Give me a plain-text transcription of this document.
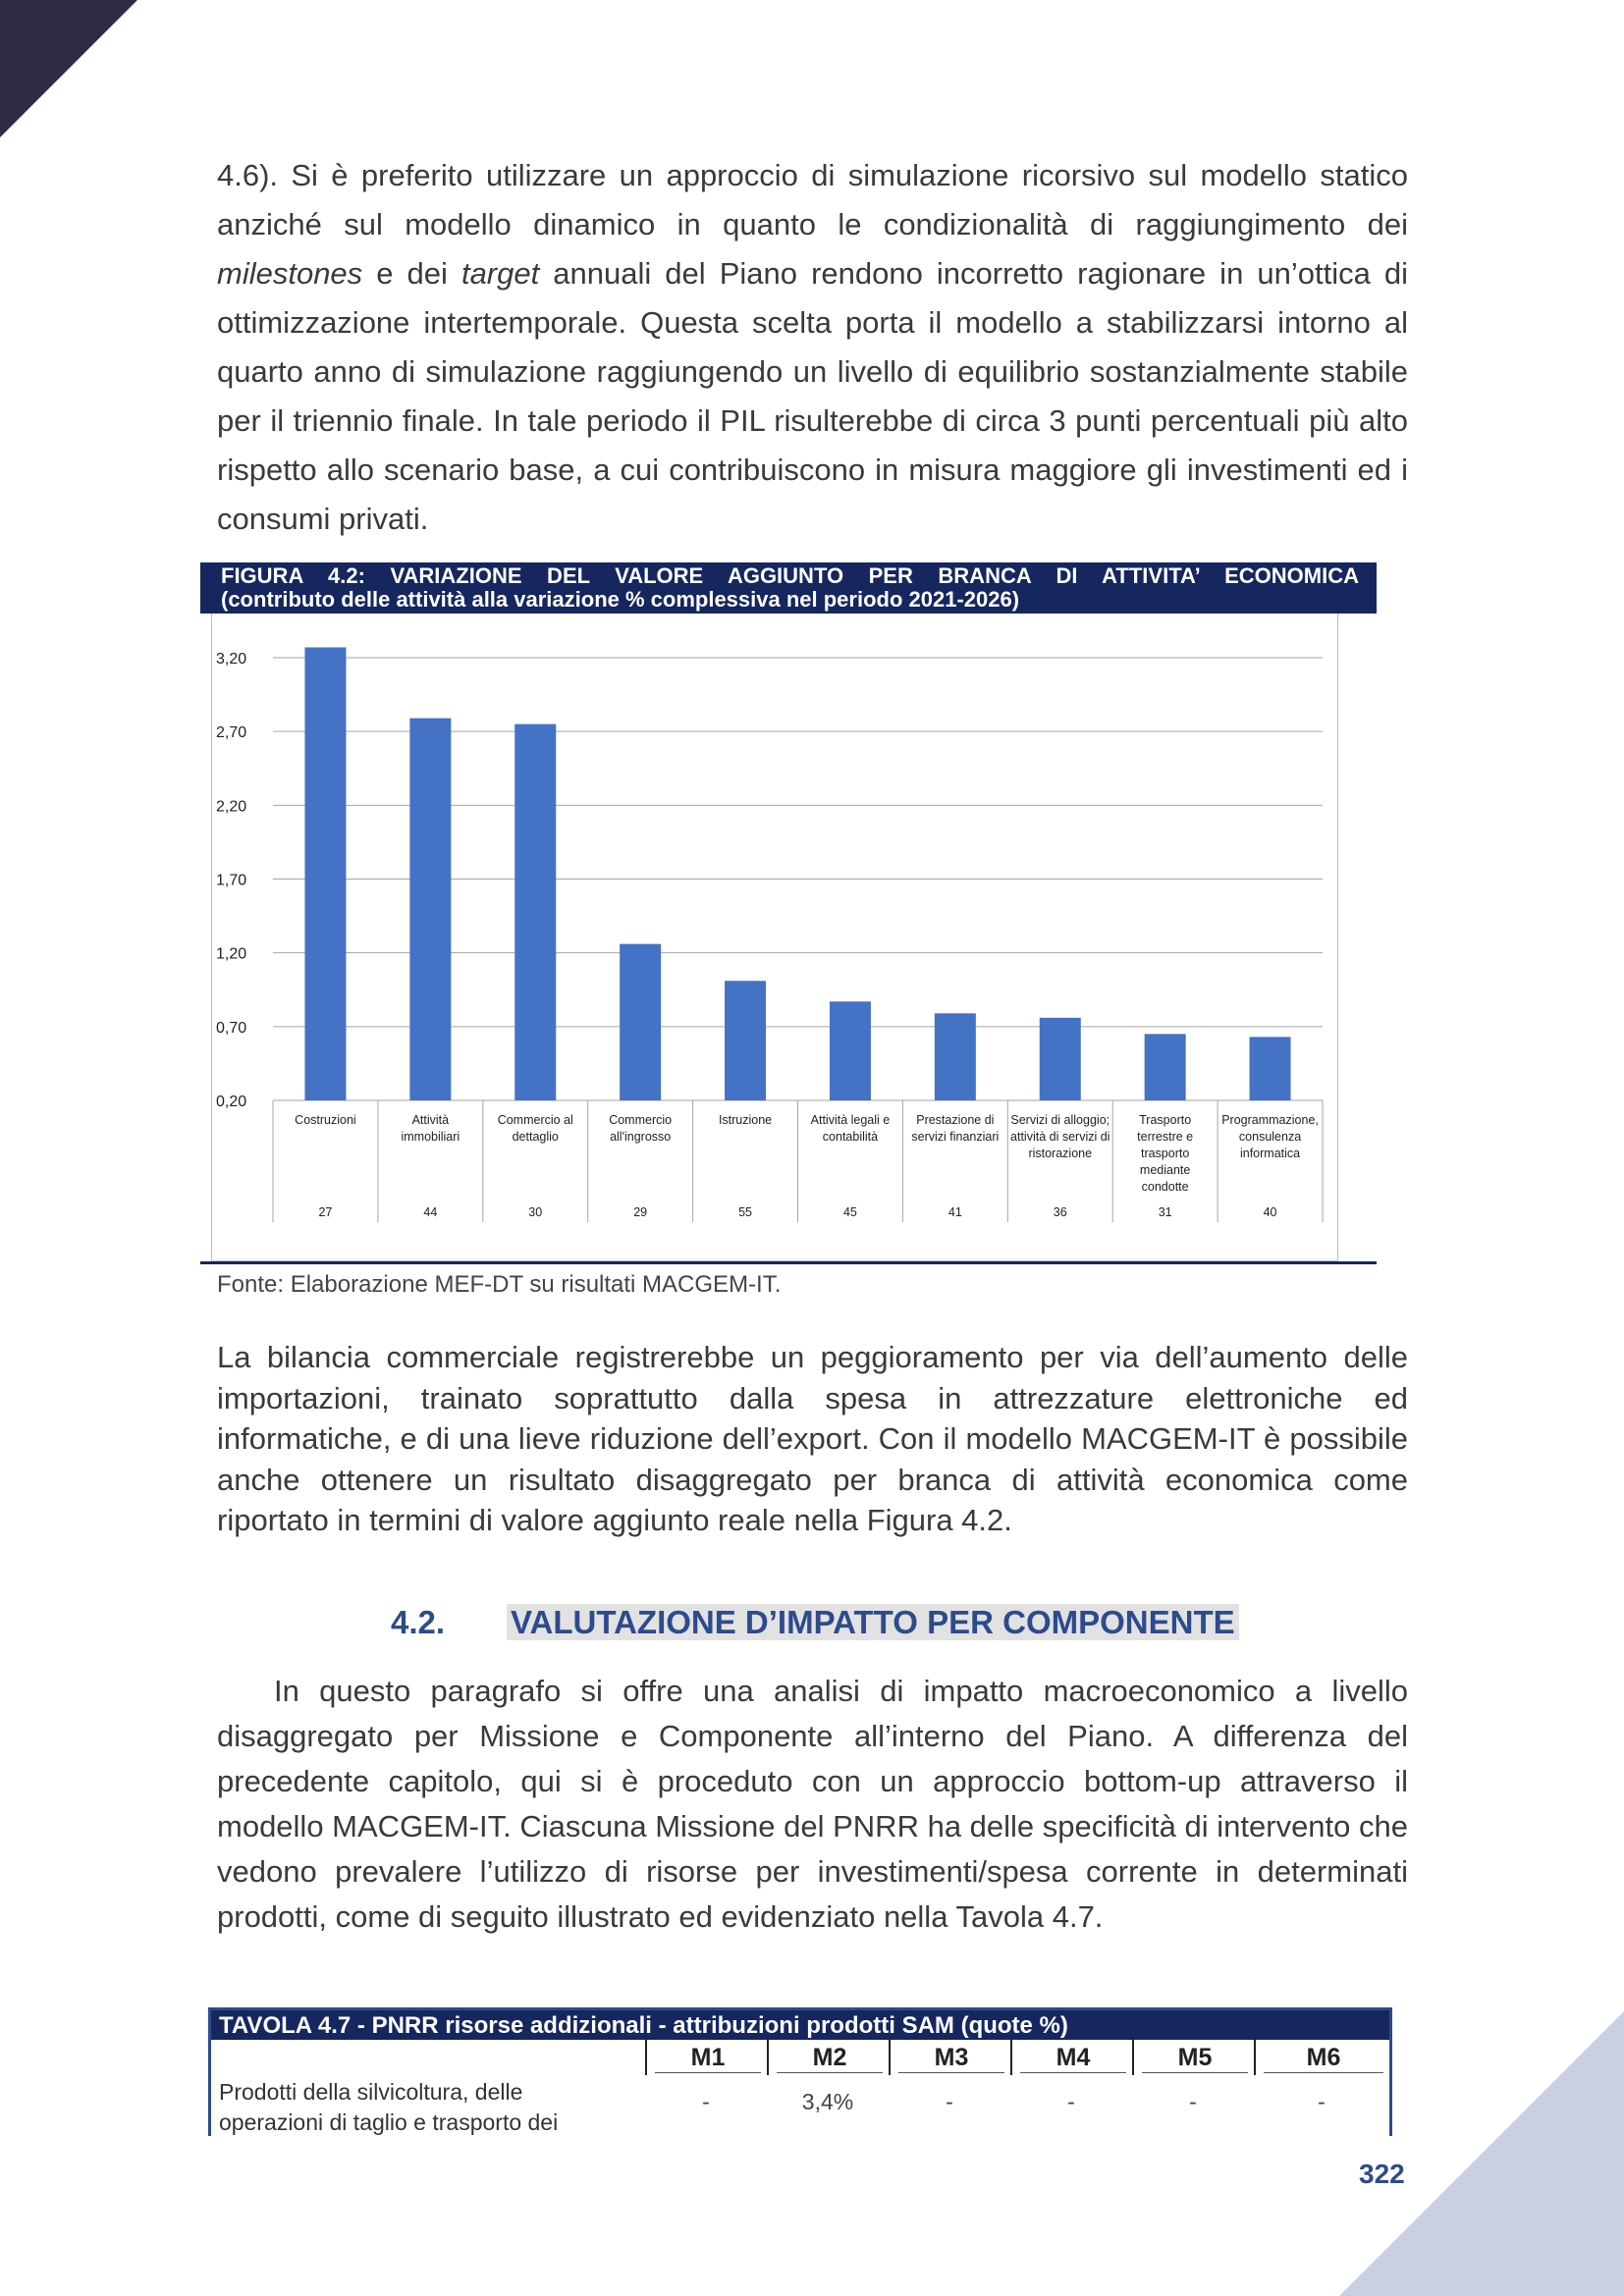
4.6). Si è preferito utilizzare un approccio di simulazione ricorsivo sul modello statico
anziché sul modello dinamico in quanto le condizionalità di raggiungimento dei
milestones e dei target annuali del Piano rendono incorretto ragionare in un’ottica di
ottimizzazione intertemporale. Questa scelta porta il modello a stabilizzarsi intorno al
quarto anno di simulazione raggiungendo un livello di equilibrio sostanzialmente stabile
per il triennio finale. In tale periodo il PIL risulterebbe di circa 3 punti percentuali più alto
rispetto allo scenario base, a cui contribuiscono in misura maggiore gli investimenti ed i
consumi privati.
FIGURA 4.2: VARIAZIONE DEL VALORE AGGIUNTO PER BRANCA DI ATTIVITA’ ECONOMICA
(contributo delle attività alla variazione % complessiva nel periodo 2021-2026)
3,20
2,70
2,20
1,70
1,20
0,70
0,20
Costruzioni
27
Attività
immobiliari
44
Commercio al
dettaglio
30
Commercio
all'ingrosso
29
Istruzione
55
Attività legali e
contabilità
45
Prestazione di
servizi finanziari
41
Servizi di alloggio;
attività di servizi di
ristorazione
36
Trasporto
terrestre e
trasporto
mediante
condotte
31
Programmazione,
consulenza
informatica
40
Fonte: Elaborazione MEF-DT su risultati MACGEM-IT.
La bilancia commerciale registrerebbe un peggioramento per via dell’aumento delle
importazioni, trainato soprattutto dalla spesa in attrezzature elettroniche ed
informatiche, e di una lieve riduzione dell’export. Con il modello MACGEM-IT è possibile
anche ottenere un risultato disaggregato per branca di attività economica come
riportato in termini di valore aggiunto reale nella Figura 4.2.
4.2. VALUTAZIONE D’IMPATTO PER COMPONENTE
In questo paragrafo si offre una analisi di impatto macroeconomico a livello
disaggregato per Missione e Componente all’interno del Piano. A differenza del
precedente capitolo, qui si è proceduto con un approccio bottom-up attraverso il
modello MACGEM-IT. Ciascuna Missione del PNRR ha delle specificità di intervento che
vedono prevalere l’utilizzo di risorse per investimenti/spesa corrente in determinati
prodotti, come di seguito illustrato ed evidenziato nella Tavola 4.7.
TAVOLA 4.7 - PNRR risorse addizionali - attribuzioni prodotti SAM (quote %)
M1	M2	M3	M4	M5	M6
Prodotti della silvicoltura, delle
operazioni di taglio e trasporto dei
-	3,4%	-	-	-	-
322
